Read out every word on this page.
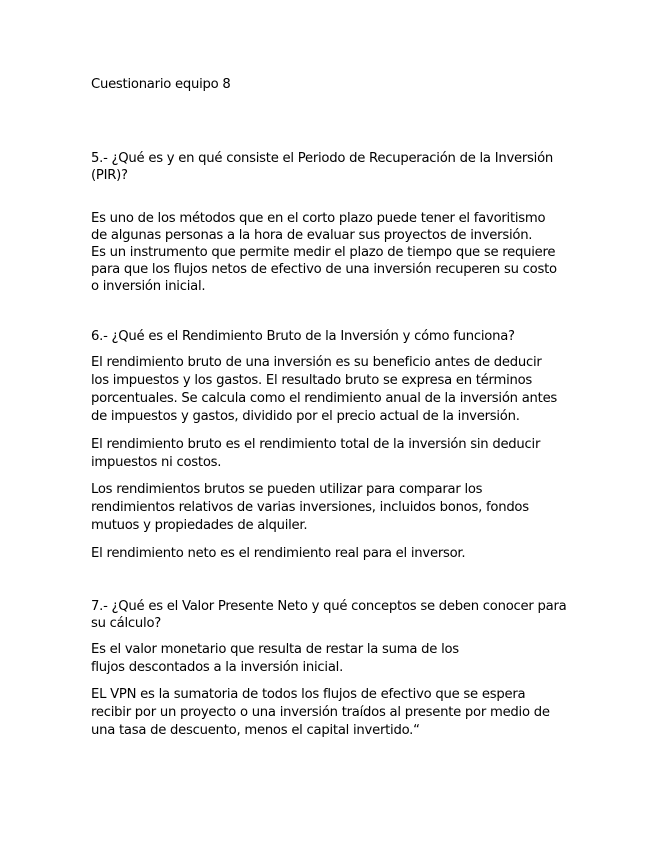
Cuestionario equipo 8
5.- ¿Qué es y en qué consiste el Periodo de Recuperación de la Inversión
(PIR)?
Es uno de los métodos que en el corto plazo puede tener el favoritismo
de algunas personas a la hora de evaluar sus proyectos de inversión.
Es un instrumento que permite medir el plazo de tiempo que se requiere
para que los flujos netos de efectivo de una inversión recuperen su costo
o inversión inicial.
6.- ¿Qué es el Rendimiento Bruto de la Inversión y cómo funciona?
El rendimiento bruto de una inversión es su beneficio antes de deducir
los impuestos y los gastos. El resultado bruto se expresa en términos
porcentuales. Se calcula como el rendimiento anual de la inversión antes
de impuestos y gastos, dividido por el precio actual de la inversión.
El rendimiento bruto es el rendimiento total de la inversión sin deducir
impuestos ni costos.
Los rendimientos brutos se pueden utilizar para comparar los
rendimientos relativos de varias inversiones, incluidos bonos, fondos
mutuos y propiedades de alquiler.
El rendimiento neto es el rendimiento real para el inversor.
7.- ¿Qué es el Valor Presente Neto y qué conceptos se deben conocer para
su cálculo?
Es el valor monetario que resulta de restar la suma de los
flujos descontados a la inversión inicial.
EL VPN es la sumatoria de todos los flujos de efectivo que se espera
recibir por un proyecto o una inversión traídos al presente por medio de
una tasa de descuento, menos el capital invertido.“
